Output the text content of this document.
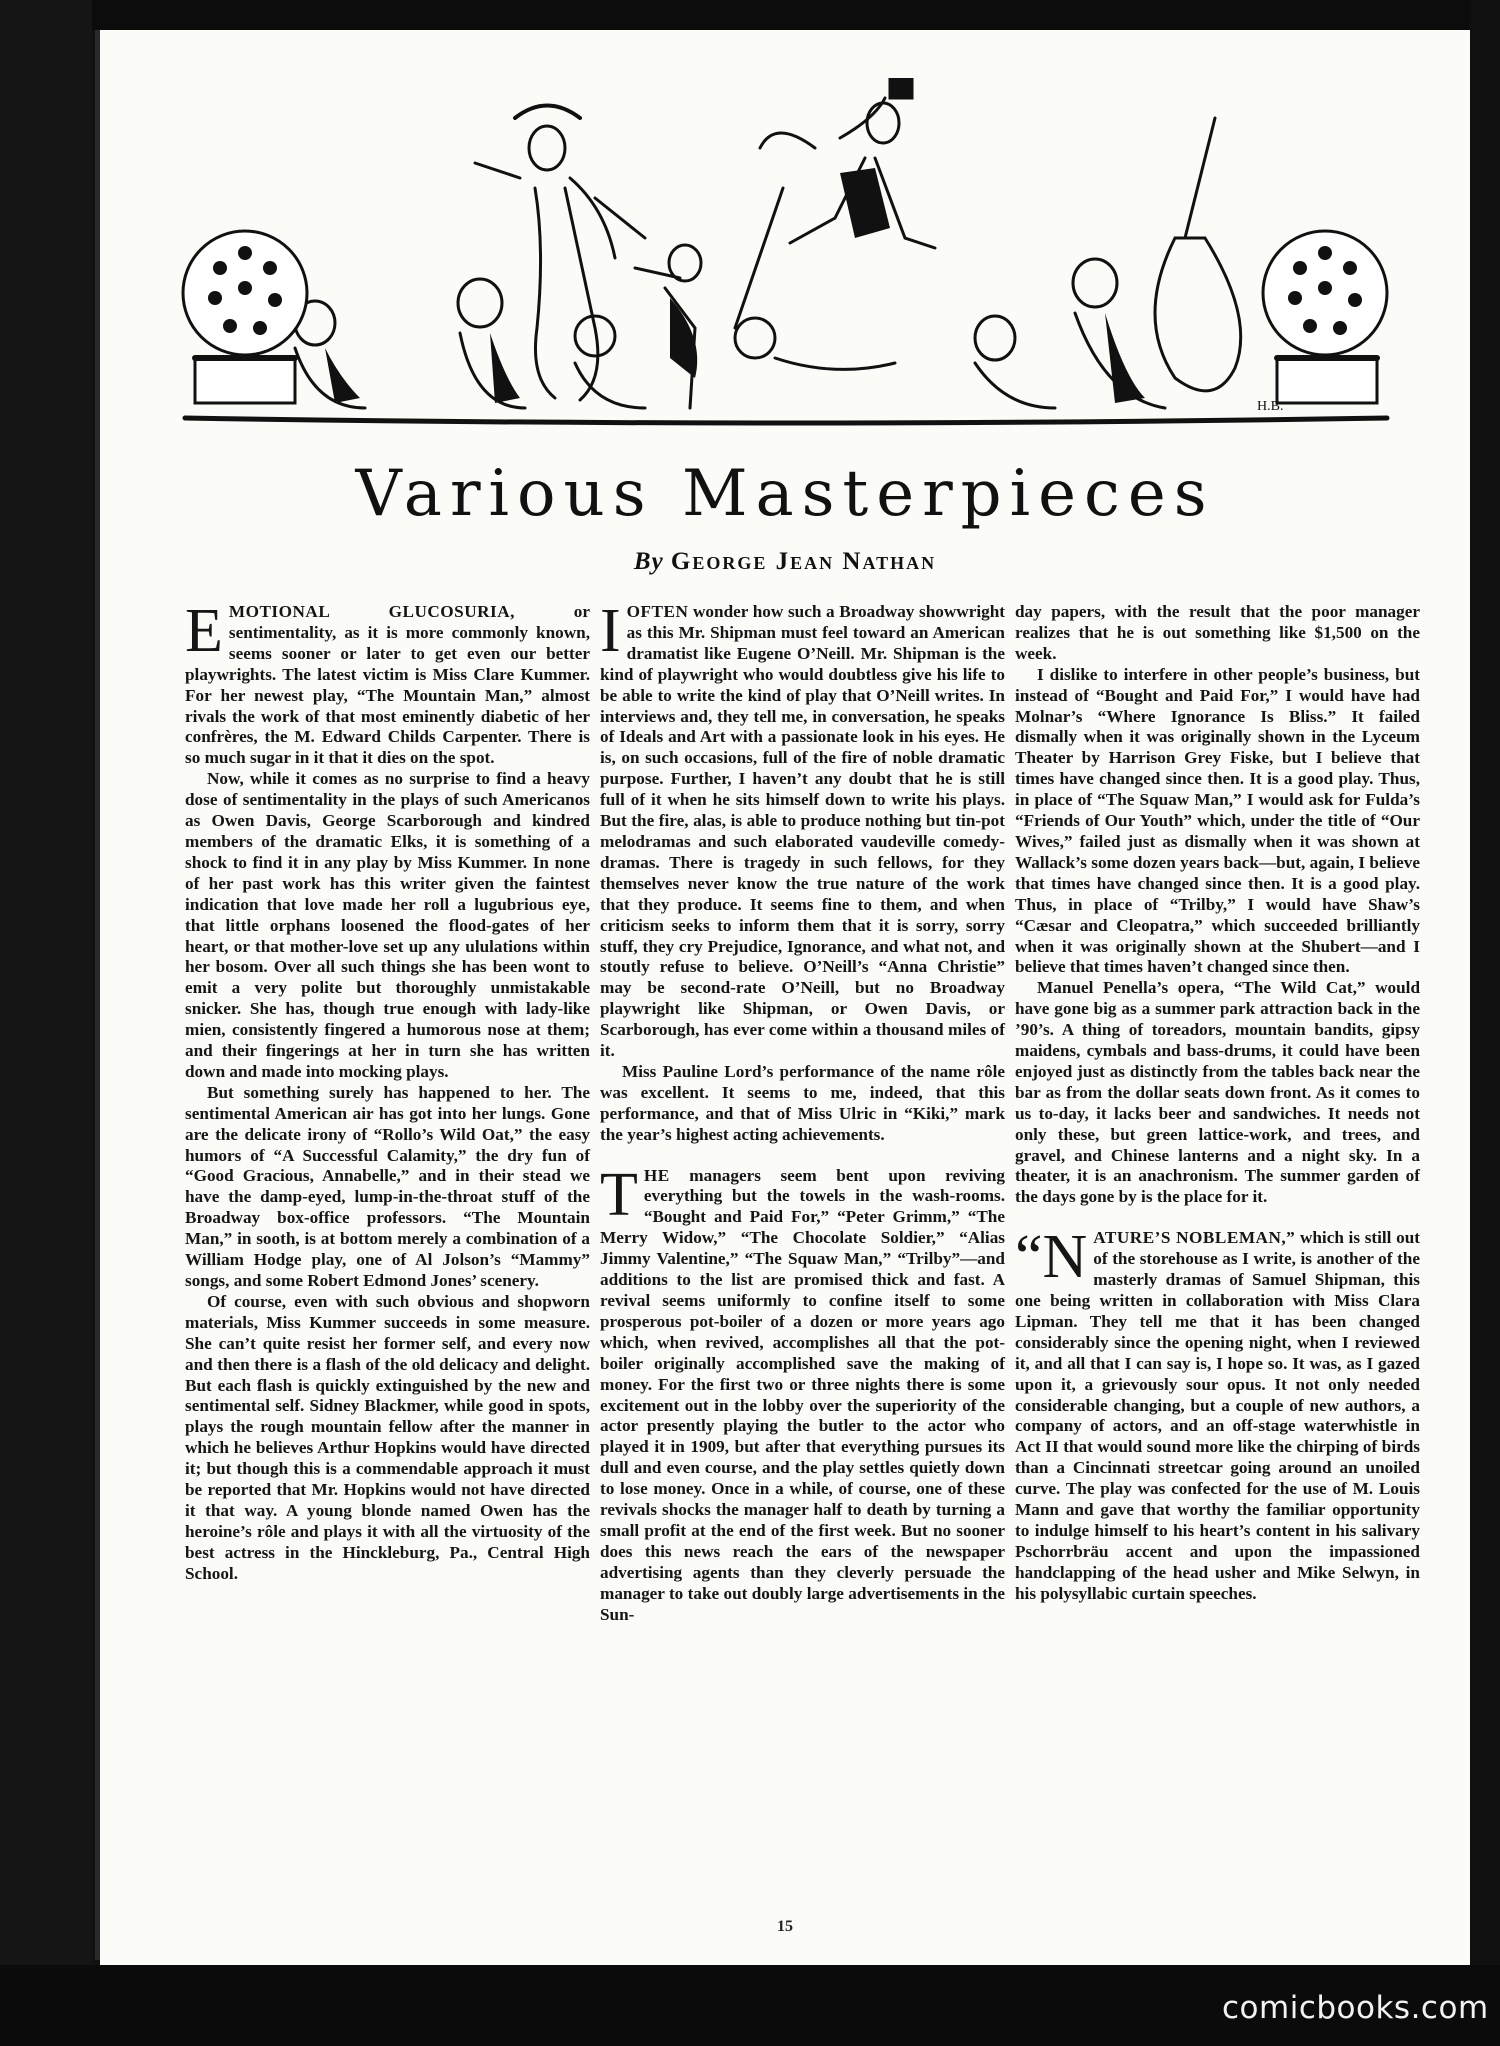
H.B.
Various Masterpieces
By George Jean Nathan

EMOTIONAL GLUCOSURIA, or sentimentality, as it is more commonly known, seems sooner or later to get even our better playwrights. The latest victim is Miss Clare Kummer. For her newest play, “The Mountain Man,” almost rivals the work of that most eminently diabetic of her confrères, the M. Edward Childs Carpenter. There is so much sugar in it that it dies on the spot.

Now, while it comes as no surprise to find a heavy dose of sentimentality in the plays of such Americanos as Owen Davis, George Scarborough and kindred members of the dramatic Elks, it is something of a shock to find it in any play by Miss Kummer. In none of her past work has this writer given the faintest indication that love made her roll a lugubrious eye, that little orphans loosened the flood-gates of her heart, or that mother-love set up any ululations within her bosom. Over all such things she has been wont to emit a very polite but thoroughly unmistakable snicker. She has, though true enough with lady-like mien, consistently fingered a humorous nose at them; and their fingerings at her in turn she has written down and made into mocking plays.

But something surely has happened to her. The sentimental American air has got into her lungs. Gone are the delicate irony of “Rollo’s Wild Oat,” the easy humors of “A Successful Calamity,” the dry fun of “Good Gracious, Annabelle,” and in their stead we have the damp-eyed, lump-in-the-throat stuff of the Broadway box-office professors. “The Mountain Man,” in sooth, is at bottom merely a combination of a William Hodge play, one of Al Jolson’s “Mammy” songs, and some Robert Edmond Jones’ scenery.

Of course, even with such obvious and shopworn materials, Miss Kummer succeeds in some measure. She can’t quite resist her former self, and every now and then there is a flash of the old delicacy and delight. But each flash is quickly extinguished by the new and sentimental self. Sidney Blackmer, while good in spots, plays the rough mountain fellow after the manner in which he believes Arthur Hopkins would have directed it; but though this is a commendable approach it must be reported that Mr. Hopkins would not have directed it that way. A young blonde named Owen has the heroine’s rôle and plays it with all the virtuosity of the best actress in the Hinckleburg, Pa., Central High School.

IOFTEN wonder how such a Broadway showwright as this Mr. Shipman must feel toward an American dramatist like Eugene O’Neill. Mr. Shipman is the kind of playwright who would doubtless give his life to be able to write the kind of play that O’Neill writes. In interviews and, they tell me, in conversation, he speaks of Ideals and Art with a passionate look in his eyes. He is, on such occasions, full of the fire of noble dramatic purpose. Further, I haven’t any doubt that he is still full of it when he sits himself down to write his plays. But the fire, alas, is able to produce nothing but tin-pot melodramas and such elaborated vaudeville comedy-dramas. There is tragedy in such fellows, for they themselves never know the true nature of the work that they produce. It seems fine to them, and when criticism seeks to inform them that it is sorry, sorry stuff, they cry Prejudice, Ignorance, and what not, and stoutly refuse to believe. O’Neill’s “Anna Christie” may be second-rate O’Neill, but no Broadway playwright like Shipman, or Owen Davis, or Scarborough, has ever come within a thousand miles of it.

Miss Pauline Lord’s performance of the name rôle was excellent. It seems to me, indeed, that this performance, and that of Miss Ulric in “Kiki,” mark the year’s highest acting achievements.

THE managers seem bent upon reviving everything but the towels in the wash-rooms. “Bought and Paid For,” “Peter Grimm,” “The Merry Widow,” “The Chocolate Soldier,” “Alias Jimmy Valentine,” “The Squaw Man,” “Trilby”—and additions to the list are promised thick and fast. A revival seems uniformly to confine itself to some prosperous pot-boiler of a dozen or more years ago which, when revived, accomplishes all that the pot-boiler originally accomplished save the making of money. For the first two or three nights there is some excitement out in the lobby over the superiority of the actor presently playing the butler to the actor who played it in 1909, but after that everything pursues its dull and even course, and the play settles quietly down to lose money. Once in a while, of course, one of these revivals shocks the manager half to death by turning a small profit at the end of the first week. But no sooner does this news reach the ears of the newspaper advertising agents than they cleverly persuade the manager to take out doubly large advertisements in the Sun-

day papers, with the result that the poor manager realizes that he is out something like $1,500 on the week.

I dislike to interfere in other people’s business, but instead of “Bought and Paid For,” I would have had Molnar’s “Where Ignorance Is Bliss.” It failed dismally when it was originally shown in the Lyceum Theater by Harrison Grey Fiske, but I believe that times have changed since then. It is a good play. Thus, in place of “The Squaw Man,” I would ask for Fulda’s “Friends of Our Youth” which, under the title of “Our Wives,” failed just as dismally when it was shown at Wallack’s some dozen years back—but, again, I believe that times have changed since then. It is a good play. Thus, in place of “Trilby,” I would have Shaw’s “Cæsar and Cleopatra,” which succeeded brilliantly when it was originally shown at the Shubert—and I believe that times haven’t changed since then.

Manuel Penella’s opera, “The Wild Cat,” would have gone big as a summer park attraction back in the ’90’s. A thing of toreadors, mountain bandits, gipsy maidens, cymbals and bass-drums, it could have been enjoyed just as distinctly from the tables back near the bar as from the dollar seats down front. As it comes to us to-day, it lacks beer and sandwiches. It needs not only these, but green lattice-work, and trees, and gravel, and Chinese lanterns and a night sky. In a theater, it is an anachronism. The summer garden of the days gone by is the place for it.

“NATURE’S NOBLEMAN,” which is still out of the storehouse as I write, is another of the masterly dramas of Samuel Shipman, this one being written in collaboration with Miss Clara Lipman. They tell me that it has been changed considerably since the opening night, when I reviewed it, and all that I can say is, I hope so. It was, as I gazed upon it, a grievously sour opus. It not only needed considerable changing, but a couple of new authors, a company of actors, and an off-stage waterwhistle in Act II that would sound more like the chirping of birds than a Cincinnati streetcar going around an unoiled curve. The play was confected for the use of M. Louis Mann and gave that worthy the familiar opportunity to indulge himself to his heart’s content in his salivary Pschorrbräu accent and upon the impassioned handclapping of the head usher and Mike Selwyn, in his polysyllabic curtain speeches.

15
comicbooks.com
